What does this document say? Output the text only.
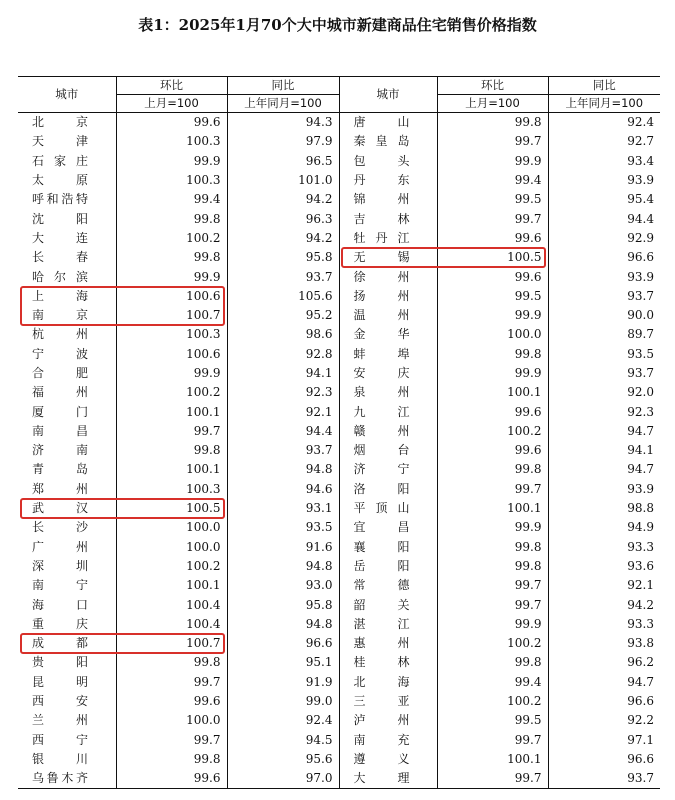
表1：2025年1月70个大中城市新建商品住宅销售价格指数
城市	环比	同比	城市	环比	同比
	上月=100	上年同月=100		上月=100	上年同月=100

北京	99.6	94.3	唐山	99.8	92.4

天津	100.3	97.9	秦皇岛	99.7	92.7

石家庄	99.9	96.5	包头	99.9	93.4

太原	100.3	101.0	丹东	99.4	93.9

呼和浩特	99.4	94.2	锦州	99.5	95.4

沈阳	99.8	96.3	吉林	99.7	94.4

大连	100.2	94.2	牡丹江	99.6	92.9

长春	99.8	95.8	无锡	100.5	96.6

哈尔滨	99.9	93.7	徐州	99.6	93.9

上海	100.6	105.6	扬州	99.5	93.7

南京	100.7	95.2	温州	99.9	90.0

杭州	100.3	98.6	金华	100.0	89.7

宁波	100.6	92.8	蚌埠	99.8	93.5

合肥	99.9	94.1	安庆	99.9	93.7

福州	100.2	92.3	泉州	100.1	92.0

厦门	100.1	92.1	九江	99.6	92.3

南昌	99.7	94.4	赣州	100.2	94.7

济南	99.8	93.7	烟台	99.6	94.1

青岛	100.1	94.8	济宁	99.8	94.7

郑州	100.3	94.6	洛阳	99.7	93.9

武汉	100.5	93.1	平顶山	100.1	98.8

长沙	100.0	93.5	宜昌	99.9	94.9

广州	100.0	91.6	襄阳	99.8	93.3

深圳	100.2	94.8	岳阳	99.8	93.6

南宁	100.1	93.0	常德	99.7	92.1

海口	100.4	95.8	韶关	99.7	94.2

重庆	100.4	94.8	湛江	99.9	93.3

成都	100.7	96.6	惠州	100.2	93.8

贵阳	99.8	95.1	桂林	99.8	96.2

昆明	99.7	91.9	北海	99.4	94.7

西安	99.6	99.0	三亚	100.2	96.6

兰州	100.0	92.4	泸州	99.5	92.2

西宁	99.7	94.5	南充	99.7	97.1

银川	99.8	95.6	遵义	100.1	96.6

乌鲁木齐	99.6	97.0	大理	99.7	93.7
